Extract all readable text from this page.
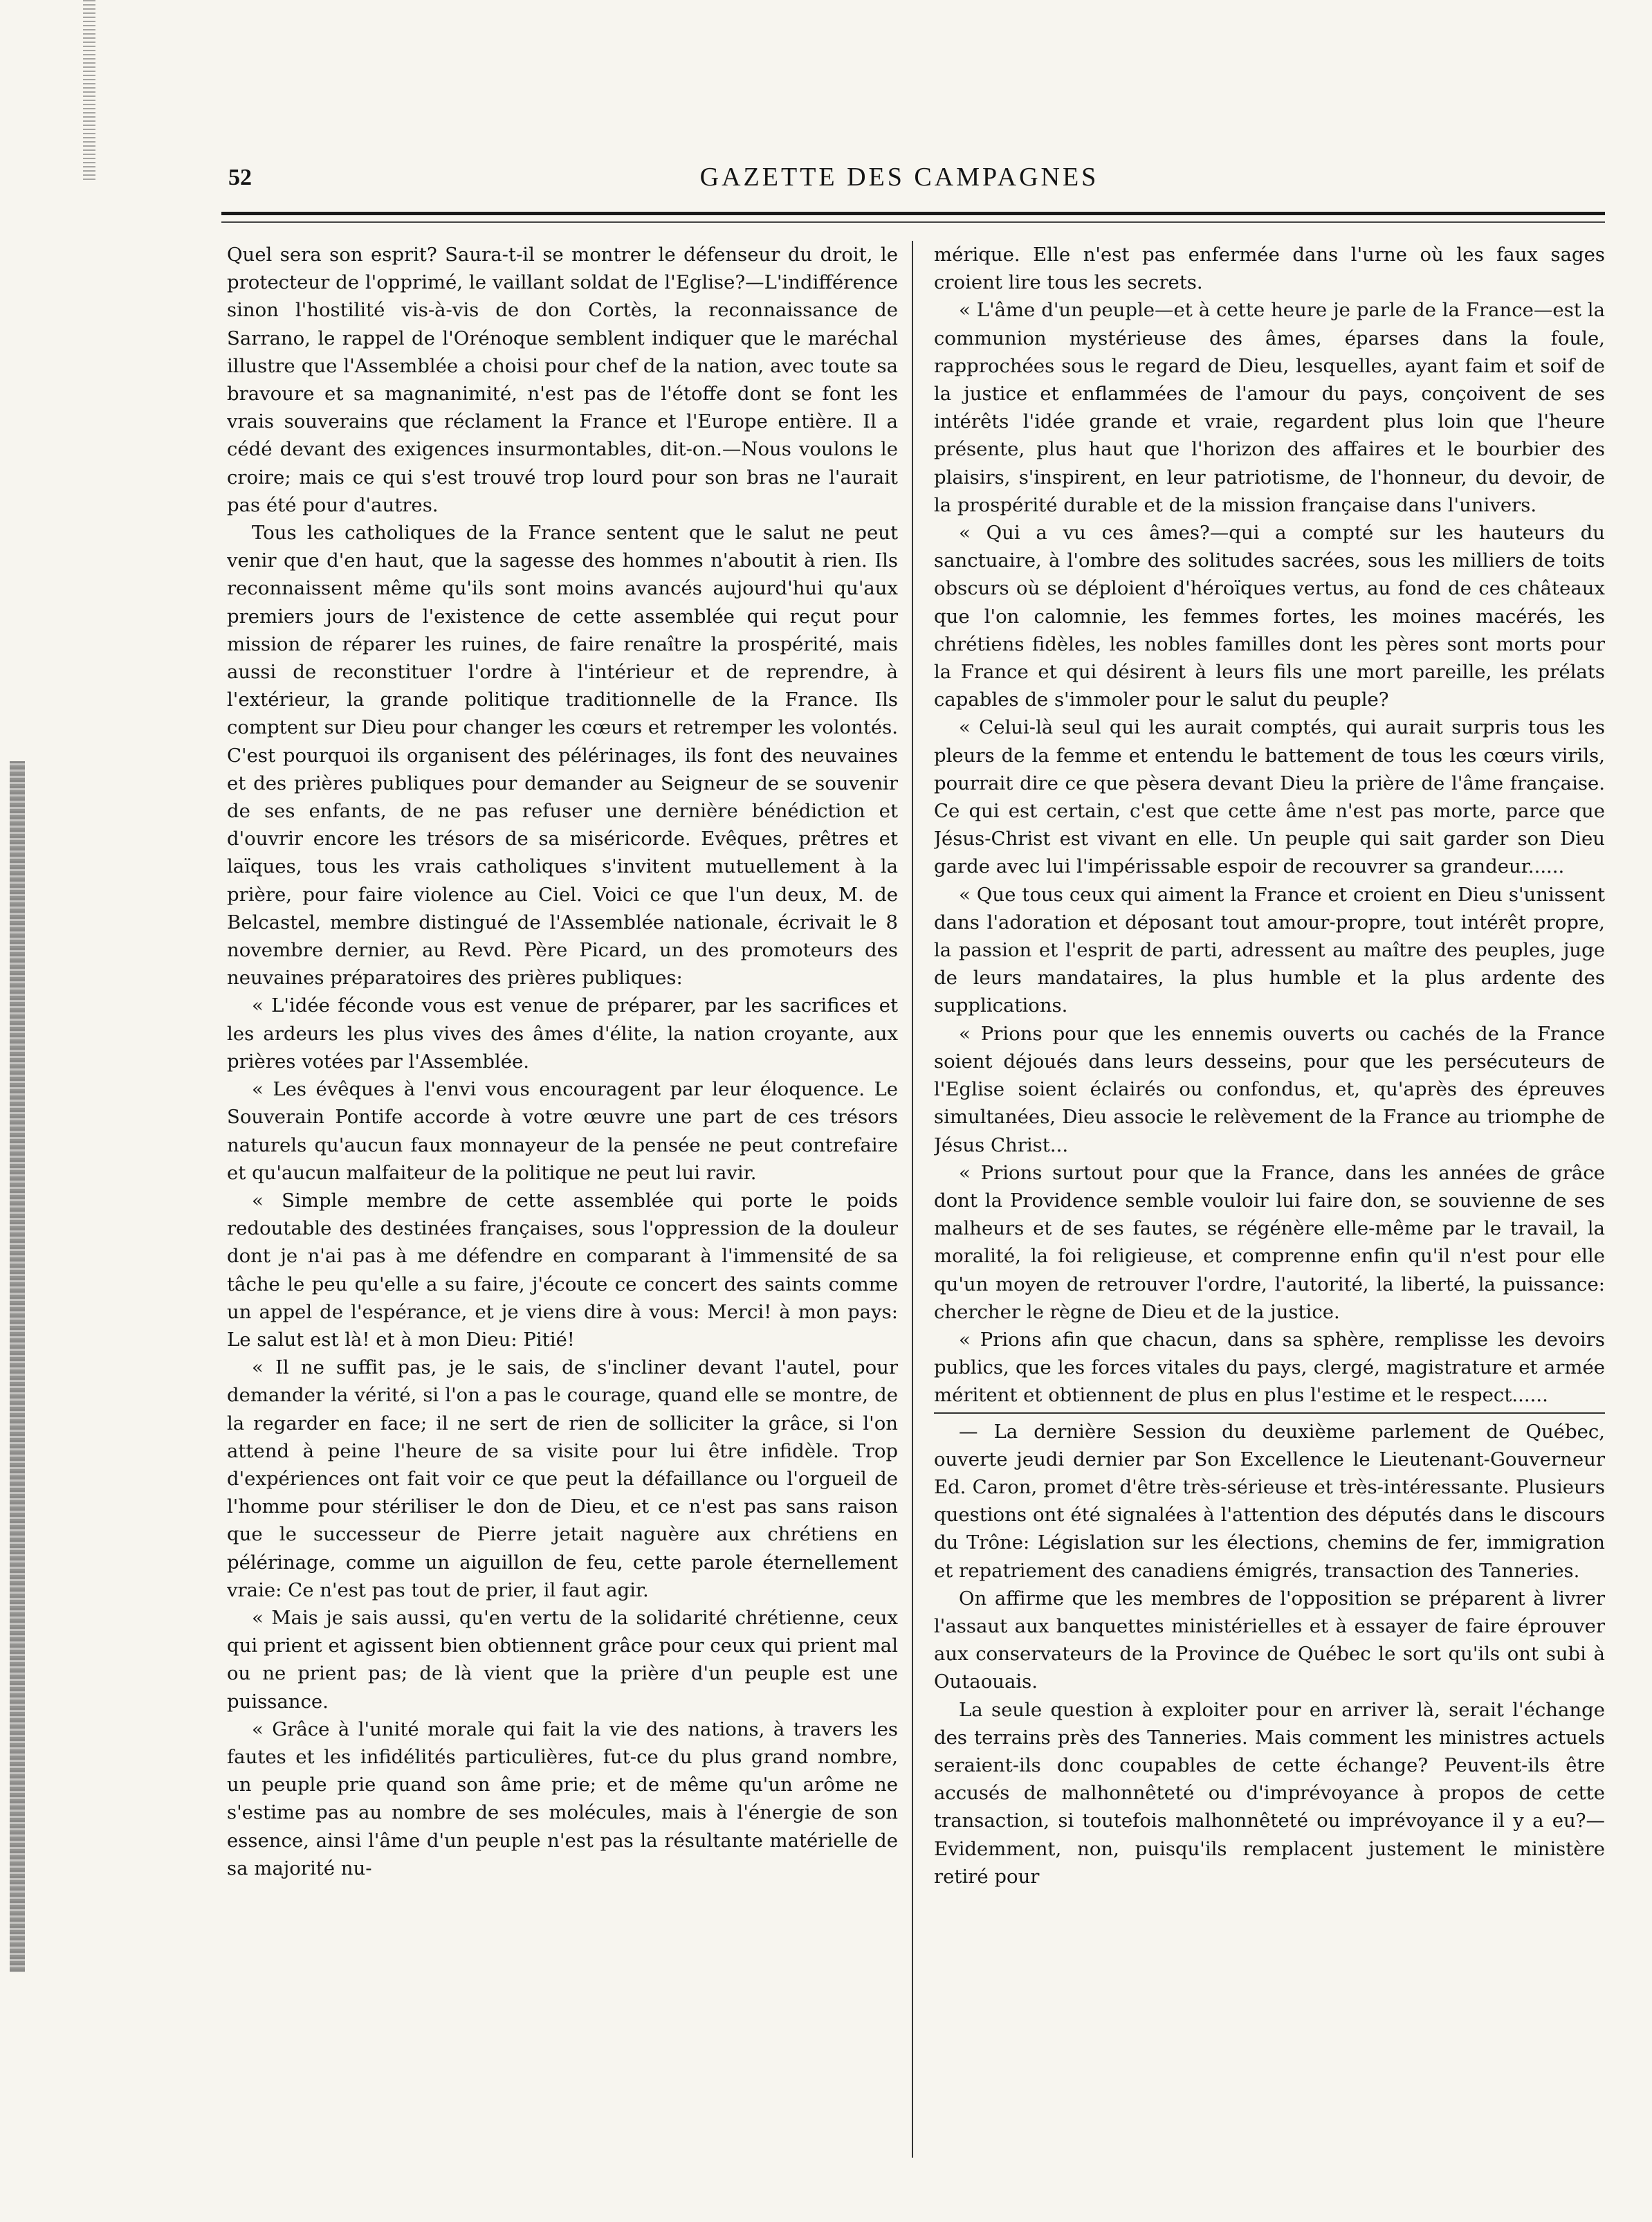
52	GAZETTE DES CAMPAGNES

Quel sera son esprit? Saura-t-il se montrer le défenseur du droit, le protecteur de l'opprimé, le vaillant soldat de l'Eglise?—L'indifférence sinon l'hostilité vis-à-vis de don Cortès, la reconnaissance de Sarrano, le rappel de l'Orénoque semblent indiquer que le maréchal illustre que l'Assemblée a choisi pour chef de la nation, avec toute sa bravoure et sa magnanimité, n'est pas de l'étoffe dont se font les vrais souverains que réclament la France et l'Europe entière. Il a cédé devant des exigences insurmontables, dit-on.—Nous voulons le croire; mais ce qui s'est trouvé trop lourd pour son bras ne l'aurait pas été pour d'autres.

Tous les catholiques de la France sentent que le salut ne peut venir que d'en haut, que la sagesse des hommes n'aboutit à rien. Ils reconnaissent même qu'ils sont moins avancés aujourd'hui qu'aux premiers jours de l'existence de cette assemblée qui reçut pour mission de réparer les ruines, de faire renaître la prospérité, mais aussi de reconstituer l'ordre à l'intérieur et de reprendre, à l'extérieur, la grande politique traditionnelle de la France. Ils comptent sur Dieu pour changer les cœurs et retremper les volontés. C'est pourquoi ils organisent des pélérinages, ils font des neuvaines et des prières publiques pour demander au Seigneur de se souvenir de ses enfants, de ne pas refuser une dernière bénédiction et d'ouvrir encore les trésors de sa miséricorde. Evêques, prêtres et laïques, tous les vrais catholiques s'invitent mutuellement à la prière, pour faire violence au Ciel. Voici ce que l'un deux, M. de Belcastel, membre distingué de l'Assemblée nationale, écrivait le 8 novembre dernier, au Revd. Père Picard, un des promoteurs des neuvaines préparatoires des prières publiques:

« L'idée féconde vous est venue de préparer, par les sacrifices et les ardeurs les plus vives des âmes d'élite, la nation croyante, aux prières votées par l'Assemblée.

« Les évêques à l'envi vous encouragent par leur éloquence. Le Souverain Pontife accorde à votre œuvre une part de ces trésors naturels qu'aucun faux monnayeur de la pensée ne peut contrefaire et qu'aucun malfaiteur de la politique ne peut lui ravir.

« Simple membre de cette assemblée qui porte le poids redoutable des destinées françaises, sous l'oppression de la douleur dont je n'ai pas à me défendre en comparant à l'immensité de sa tâche le peu qu'elle a su faire, j'écoute ce concert des saints comme un appel de l'espérance, et je viens dire à vous: Merci! à mon pays: Le salut est là! et à mon Dieu: Pitié!

« Il ne suffit pas, je le sais, de s'incliner devant l'autel, pour demander la vérité, si l'on a pas le courage, quand elle se montre, de la regarder en face; il ne sert de rien de solliciter la grâce, si l'on attend à peine l'heure de sa visite pour lui être infidèle. Trop d'expériences ont fait voir ce que peut la défaillance ou l'orgueil de l'homme pour stériliser le don de Dieu, et ce n'est pas sans raison que le successeur de Pierre jetait naguère aux chrétiens en pélérinage, comme un aiguillon de feu, cette parole éternellement vraie: Ce n'est pas tout de prier, il faut agir.

« Mais je sais aussi, qu'en vertu de la solidarité chrétienne, ceux qui prient et agissent bien obtiennent grâce pour ceux qui prient mal ou ne prient pas; de là vient que la prière d'un peuple est une puissance.

« Grâce à l'unité morale qui fait la vie des nations, à travers les fautes et les infidélités particulières, fut-ce du plus grand nombre, un peuple prie quand son âme prie; et de même qu'un arôme ne s'estime pas au nombre de ses molécules, mais à l'énergie de son essence, ainsi l'âme d'un peuple n'est pas la résultante matérielle de sa majorité nu-

mérique. Elle n'est pas enfermée dans l'urne où les faux sages croient lire tous les secrets.

« L'âme d'un peuple—et à cette heure je parle de la France—est la communion mystérieuse des âmes, éparses dans la foule, rapprochées sous le regard de Dieu, lesquelles, ayant faim et soif de la justice et enflammées de l'amour du pays, conçoivent de ses intérêts l'idée grande et vraie, regardent plus loin que l'heure présente, plus haut que l'horizon des affaires et le bourbier des plaisirs, s'inspirent, en leur patriotisme, de l'honneur, du devoir, de la prospérité durable et de la mission française dans l'univers.

« Qui a vu ces âmes?—qui a compté sur les hauteurs du sanctuaire, à l'ombre des solitudes sacrées, sous les milliers de toits obscurs où se déploient d'héroïques vertus, au fond de ces châteaux que l'on calomnie, les femmes fortes, les moines macérés, les chrétiens fidèles, les nobles familles dont les pères sont morts pour la France et qui désirent à leurs fils une mort pareille, les prélats capables de s'immoler pour le salut du peuple?

« Celui-là seul qui les aurait comptés, qui aurait surpris tous les pleurs de la femme et entendu le battement de tous les cœurs virils, pourrait dire ce que pèsera devant Dieu la prière de l'âme française. Ce qui est certain, c'est que cette âme n'est pas morte, parce que Jésus-Christ est vivant en elle. Un peuple qui sait garder son Dieu garde avec lui l'impérissable espoir de recouvrer sa grandeur......

« Que tous ceux qui aiment la France et croient en Dieu s'unissent dans l'adoration et déposant tout amour-propre, tout intérêt propre, la passion et l'esprit de parti, adressent au maître des peuples, juge de leurs mandataires, la plus humble et la plus ardente des supplications.

« Prions pour que les ennemis ouverts ou cachés de la France soient déjoués dans leurs desseins, pour que les persécuteurs de l'Eglise soient éclairés ou confondus, et, qu'après des épreuves simultanées, Dieu associe le relèvement de la France au triomphe de Jésus Christ...

« Prions surtout pour que la France, dans les années de grâce dont la Providence semble vouloir lui faire don, se souvienne de ses malheurs et de ses fautes, se régénère elle-même par le travail, la moralité, la foi religieuse, et comprenne enfin qu'il n'est pour elle qu'un moyen de retrouver l'ordre, l'autorité, la liberté, la puissance: chercher le règne de Dieu et de la justice.

« Prions afin que chacun, dans sa sphère, remplisse les devoirs publics, que les forces vitales du pays, clergé, magistrature et armée méritent et obtiennent de plus en plus l'estime et le respect......

— La dernière Session du deuxième parlement de Québec, ouverte jeudi dernier par Son Excellence le Lieutenant-Gouverneur Ed. Caron, promet d'être très-sérieuse et très-intéressante. Plusieurs questions ont été signalées à l'attention des députés dans le discours du Trône: Législation sur les élections, chemins de fer, immigration et repatriement des canadiens émigrés, transaction des Tanneries.

On affirme que les membres de l'opposition se préparent à livrer l'assaut aux banquettes ministérielles et à essayer de faire éprouver aux conservateurs de la Province de Québec le sort qu'ils ont subi à Outaouais.

La seule question à exploiter pour en arriver là, serait l'échange des terrains près des Tanneries. Mais comment les ministres actuels seraient-ils donc coupables de cette échange? Peuvent-ils être accusés de malhonnêteté ou d'imprévoyance à propos de cette transaction, si toutefois malhonnêteté ou imprévoyance il y a eu?—Evidemment, non, puisqu'ils remplacent justement le ministère retiré pour
